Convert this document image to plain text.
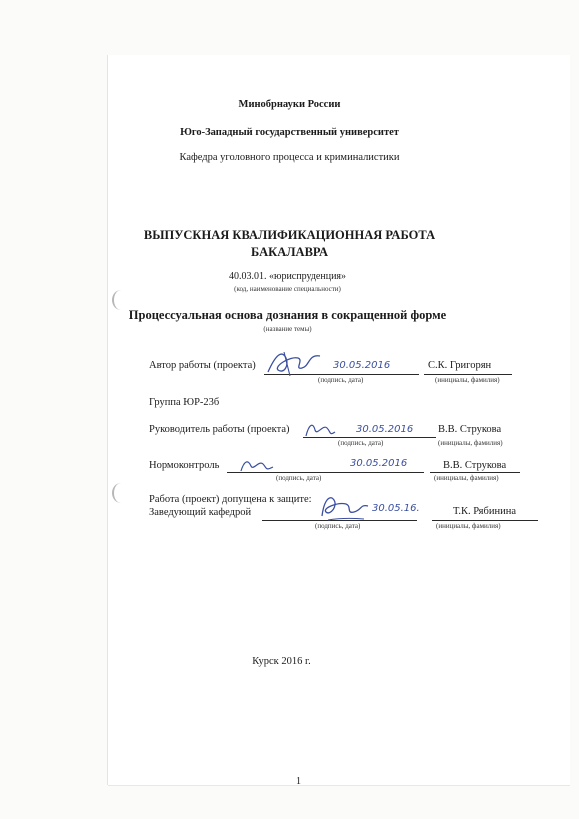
Минобрнауки России
Юго-Западный государственный университет
Кафедра уголовного процесса и криминалистики
ВЫПУСКНАЯ КВАЛИФИКАЦИОННАЯ РАБОТА
БАКАЛАВРА
40.03.01. «юриспруденция»
(код, наименование специальности)
Процессуальная основа дознания в сокращенной форме
(название темы)
Автор работы (проекта)	30.05.2016	С.К. Григорян
(подпись, дата)	(инициалы, фамилия)
Группа ЮР-23б
Руководитель работы (проекта)	30.05.2016 В.В. Струкова
(подпись, дата)	(инициалы, фамилия)
Нормоконтроль	30.05.2016	В.В. Струкова
(подпись, дата)	(инициалы, фамилия)
Работа (проект) допущена к защите:
Заведующий кафедрой	30.05.16.	Т.К. Рябинина
(подпись, дата)	(инициалы, фамилия)
Курск 2016 г.
1
